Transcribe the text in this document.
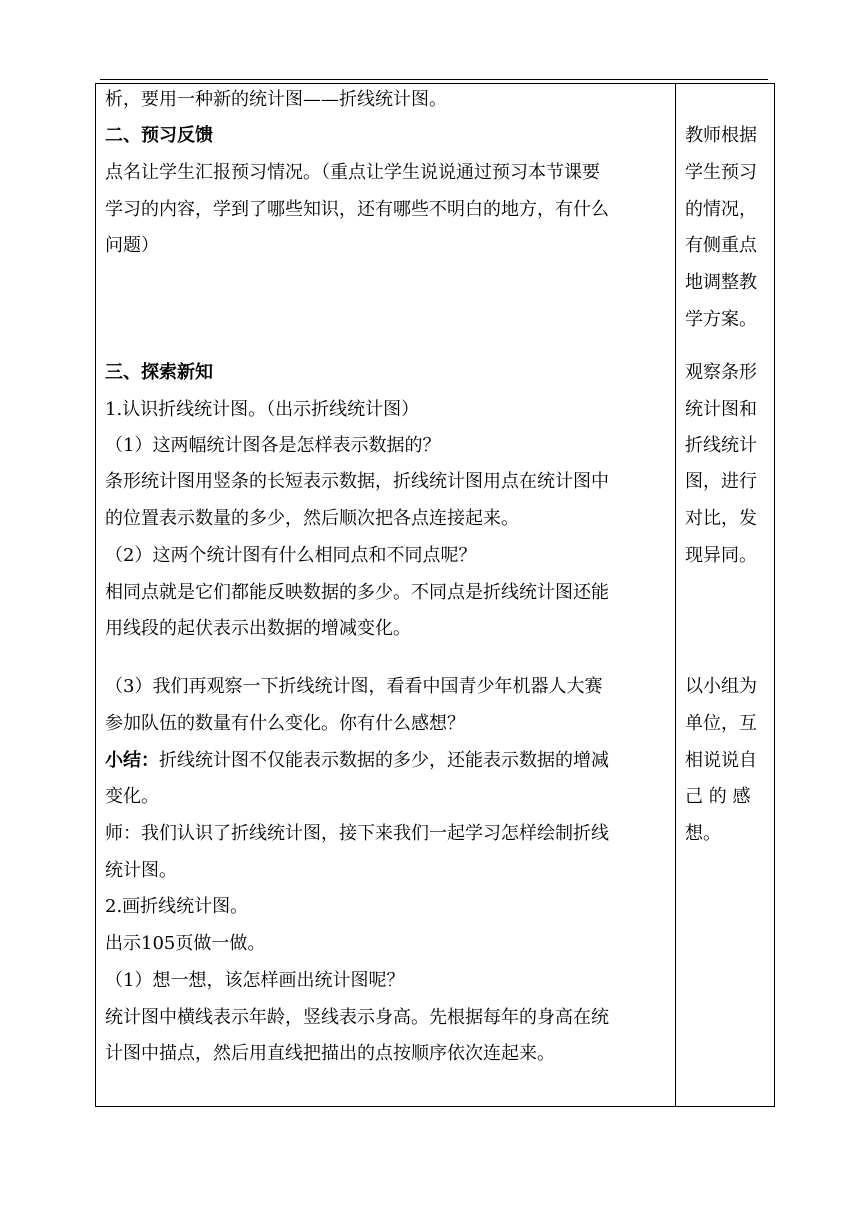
析，要用一种新的统计图——折线统计图。
二、预习反馈
点名让学生汇报预习情况。（重点让学生说说通过预习本节课要
学习的内容，学到了哪些知识，还有哪些不明白的地方，有什么
问题）
三、探索新知
1.认识折线统计图。（出示折线统计图）
（1）这两幅统计图各是怎样表示数据的？
条形统计图用竖条的长短表示数据，折线统计图用点在统计图中
的位置表示数量的多少，然后顺次把各点连接起来。
（2）这两个统计图有什么相同点和不同点呢？
相同点就是它们都能反映数据的多少。不同点是折线统计图还能
用线段的起伏表示出数据的增减变化。
（3）我们再观察一下折线统计图，看看中国青少年机器人大赛
参加队伍的数量有什么变化。你有什么感想？
小结：折线统计图不仅能表示数据的多少，还能表示数据的增减
变化。
师：我们认识了折线统计图，接下来我们一起学习怎样绘制折线
统计图。
2.画折线统计图。
出示105页做一做。
（1）想一想，该怎样画出统计图呢？
统计图中横线表示年龄，竖线表示身高。先根据每年的身高在统
计图中描点，然后用直线把描出的点按顺序依次连起来。
教师根据
学生预习
的情况，
有侧重点
地调整教
学方案。
观察条形
统计图和
折线统计
图，进行
对比，发
现异同。
以小组为
单位，互
相说说自
己 的 感
想。
